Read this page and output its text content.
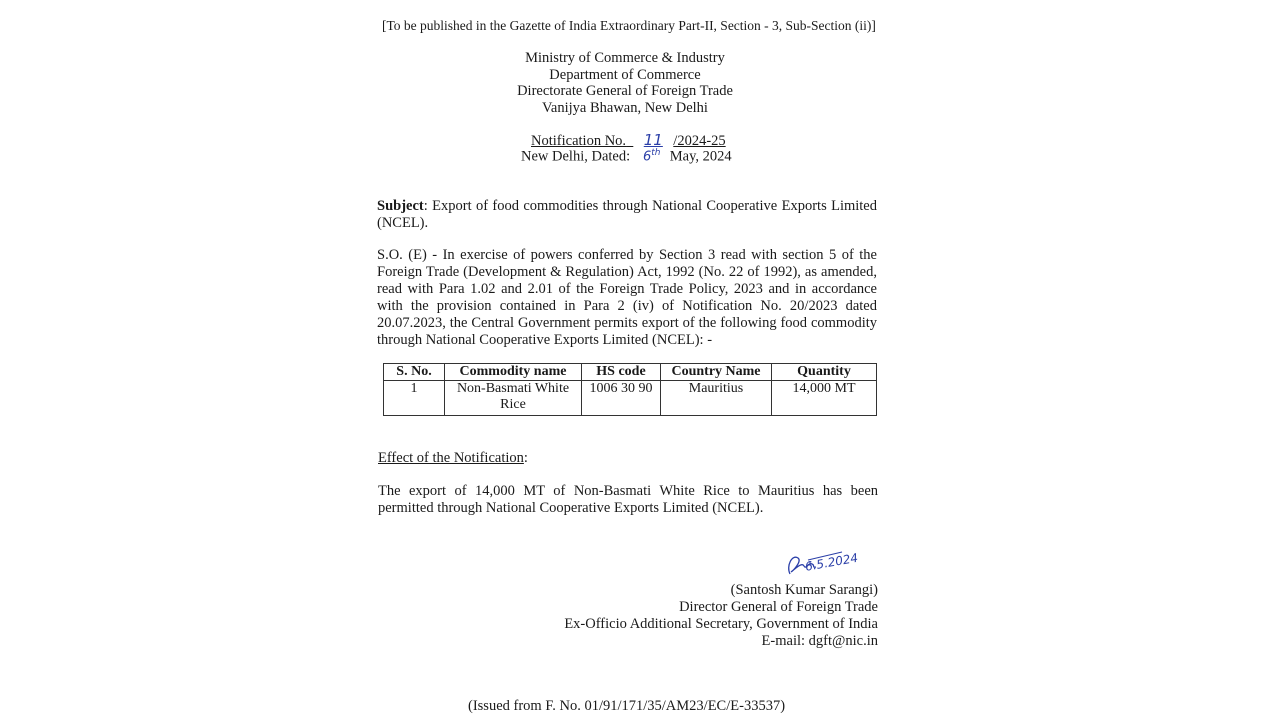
[To be published in the Gazette of India Extraordinary Part-II, Section - 3, Sub-Section (ii)]
Ministry of Commerce & Industry
Department of Commerce
Directorate General of Foreign Trade
Vanijya Bhawan, New Delhi
Notification No. 11 /2024-25
New Delhi, Dated: 6th May, 2024
Subject: Export of food commodities through National Cooperative Exports Limited (NCEL).
S.O. (E) - In exercise of powers conferred by Section 3 read with section 5 of the Foreign Trade (Development & Regulation) Act, 1992 (No. 22 of 1992), as amended, read with Para 1.02 and 2.01 of the Foreign Trade Policy, 2023 and in accordance with the provision contained in Para 2 (iv) of Notification No. 20/2023 dated 20.07.2023, the Central Government permits export of the following food commodity through National Cooperative Exports Limited (NCEL): -
S. No.	Commodity name	HS code	Country Name	Quantity
1	Non-Basmati White Rice	1006 30 90	Mauritius	14,000 MT
Effect of the Notification:
The export of 14,000 MT of Non-Basmati White Rice to Mauritius has been permitted through National Cooperative Exports Limited (NCEL).
6.5.2024
(Santosh Kumar Sarangi)
Director General of Foreign Trade
Ex-Officio Additional Secretary, Government of India
E-mail: dgft@nic.in
(Issued from F. No. 01/91/171/35/AM23/EC/E-33537)
